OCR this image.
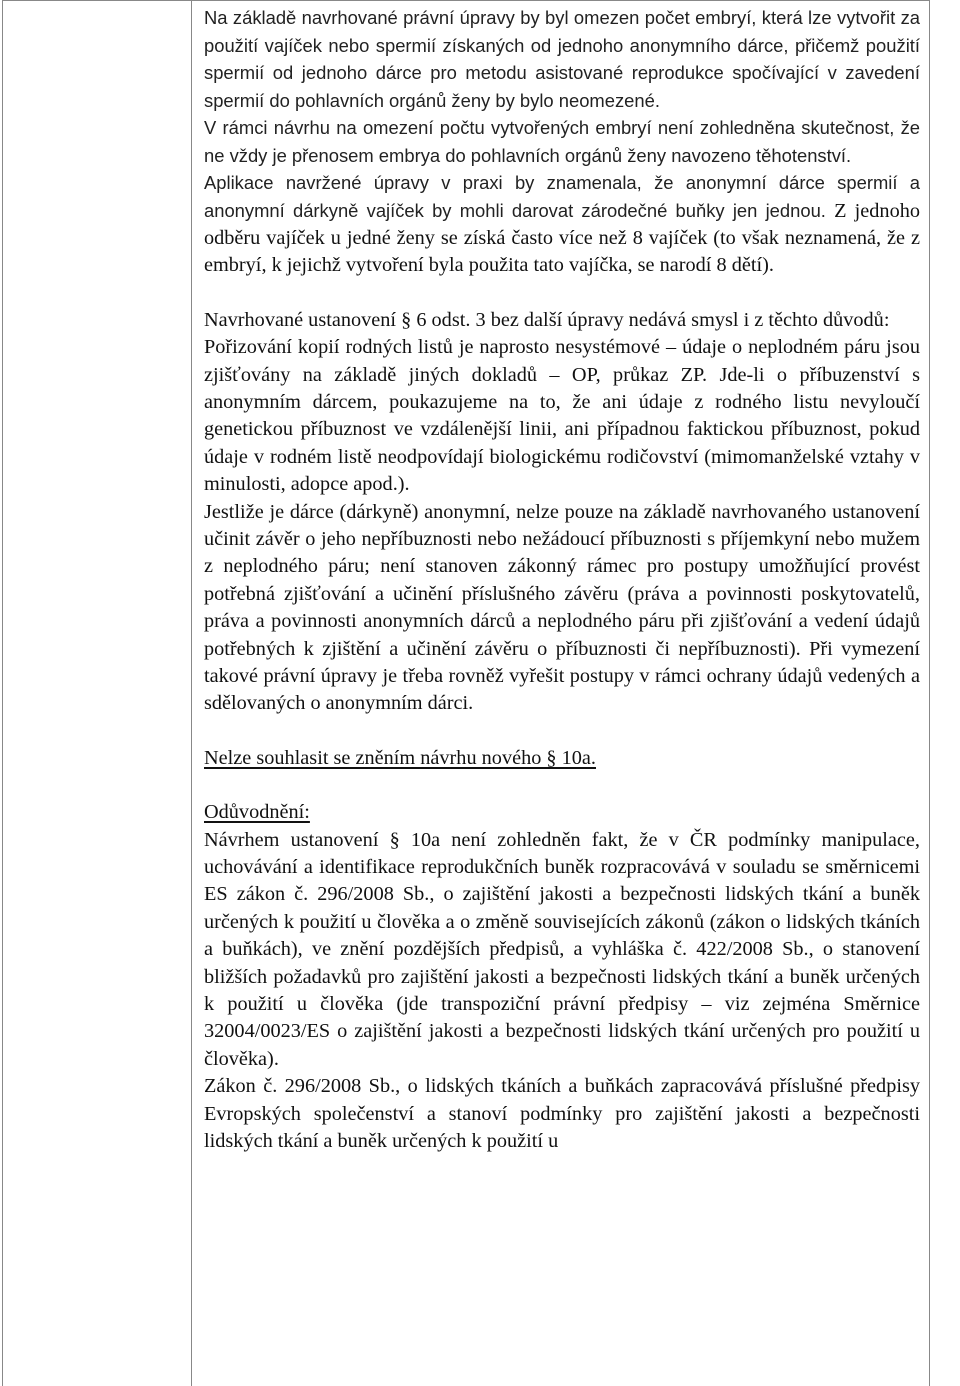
Na základě navrhované právní úpravy by byl omezen počet embryí, která lze vytvořit za použití vajíček nebo spermií získaných od jednoho anonymního dárce, přičemž použití spermií od jednoho dárce pro metodu asistované reprodukce spočívající v zavedení spermií do pohlavních orgánů ženy by bylo neomezené.

V rámci návrhu na omezení počtu vytvořených embryí není zohledněna skutečnost, že ne vždy je přenosem embrya do pohlavních orgánů ženy navozeno těhotenství.

Aplikace navržené úpravy v praxi by znamenala, že anonymní dárce spermií a anonymní dárkyně vajíček by mohli darovat zárodečné buňky jen jednou. Z jednoho odběru vajíček u jedné ženy se získá často více než 8 vajíček (to však neznamená, že z embryí, k jejichž vytvoření byla použita tato vajíčka, se narodí 8 dětí).

Navrhované ustanovení § 6 odst. 3 bez další úpravy nedává smysl i z těchto důvodů:

Pořizování kopií rodných listů je naprosto nesystémové – údaje o neplodném páru jsou zjišťovány na základě jiných dokladů – OP, průkaz ZP. Jde-li o příbuzenství s anonymním dárcem, poukazujeme na to, že ani údaje z rodného listu nevyloučí genetickou příbuznost ve vzdálenější linii, ani případnou faktickou příbuznost, pokud údaje v rodném listě neodpovídají biologickému rodičovství (mimomanželské vztahy v minulosti, adopce apod.).

Jestliže je dárce (dárkyně) anonymní, nelze pouze na základě navrhovaného ustanovení učinit závěr o jeho nepříbuznosti nebo nežádoucí příbuznosti s příjemkyní nebo mužem z neplodného páru; není stanoven zákonný rámec pro postupy umožňující provést potřebná zjišťování a učinění příslušného závěru (práva a povinnosti poskytovatelů, práva a povinnosti anonymních dárců a neplodného páru při zjišťování a vedení údajů potřebných k zjištění a učinění závěru o příbuznosti či nepříbuznosti). Při vymezení takové právní úpravy je třeba rovněž vyřešit postupy v rámci ochrany údajů vedených a sdělovaných o anonymním dárci.

Nelze souhlasit se zněním návrhu nového § 10a.

Odůvodnění:

Návrhem ustanovení § 10a není zohledněn fakt, že v ČR podmínky manipulace, uchovávání a identifikace reprodukčních buněk rozpracovává v souladu se směrnicemi ES zákon č. 296/2008 Sb., o zajištění jakosti a bezpečnosti lidských tkání a buněk určených k použití u člověka a o změně souvisejících zákonů (zákon o lidských tkáních a buňkách), ve znění pozdějších předpisů, a vyhláška č. 422/2008 Sb., o stanovení bližších požadavků pro zajištění jakosti a bezpečnosti lidských tkání a buněk určených k použití u člověka (jde transpoziční právní předpisy – viz zejména Směrnice 32004/0023/ES o zajištění jakosti a bezpečnosti lidských tkání určených pro použití u člověka).

Zákon č. 296/2008 Sb., o lidských tkáních a buňkách zapracovává příslušné předpisy Evropských společenství a stanoví podmínky pro zajištění jakosti a bezpečnosti lidských tkání a buněk určených k použití u
